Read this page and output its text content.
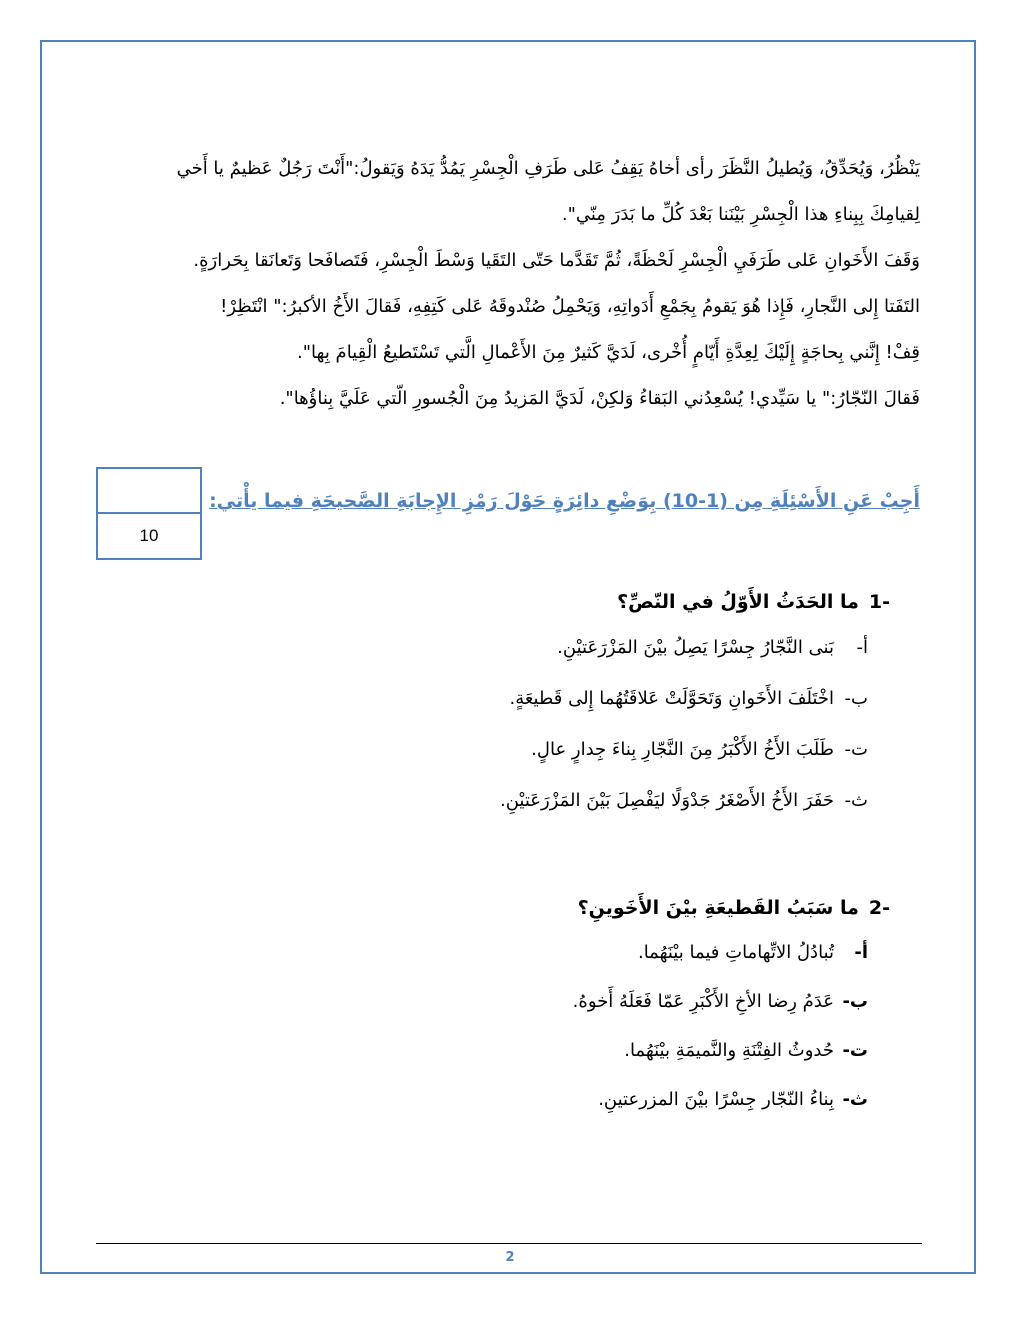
يَنْظُرُ، وَيُحَدِّقُ، وَيُطيلُ النَّظَرَ رأى أخاهُ يَقِفُ عَلى طَرَفِ الْجِسْرِ يَمُدُّ يَدَهُ وَيَقولُ:"أَنْتَ رَجُلٌ عَظيمٌ يا أَخي

لِقيامِكَ بِبِناءِ هذا الْجِسْرِ بَيْنَنا بَعْدَ كُلِّ ما بَدَرَ مِنّي".

وَقَفَ الأَخَوانِ عَلى طَرَفَيِ الْجِسْرِ لَحْظَةً، ثُمَّ تَقَدَّما حَتّى التَقَيا وَسْطَ الْجِسْرِ، فَتَصافَحا وَتَعانَقا بِحَرارَةٍ.

التَفَتا إِلى النَّجارِ، فَإِذا هُوَ يَقومُ بِجَمْعِ أَدَواتِهِ، وَيَحْمِلُ صُنْدوقَهُ عَلى كَتِفِهِ، فَقالَ الأَخُ الأكبرُ:" انْتَظِرْ!

قِفْ! إِنَّني بِحاجَةٍ إِلَيْكَ لِعِدَّةِ أَيّامٍ أُخْرى، لَدَيَّ كَثيرٌ مِنَ الأَعْمالِ الَّتي تَسْتَطيعُ الْقِيامَ بِها".

فَقالَ النّجّارُ:" يا سَيِّدي! يُسْعِدُني البَقاءُ وَلكِنْ، لَدَيَّ المَزيدُ مِنَ الْجُسورِ الّتي عَلَيَّ بِناؤُها".

10
أَجِبْ عَنِ الأَسْئِلَةِ مِن (1-10) بِوَضْعِ دائِرَةٍ حَوْلَ رَمْزِ الإِجابَةِ الصَّحيحَةِ فيما يأْتي:
-1ما الحَدَثُ الأَوّلُ في النّصِّ؟
أ-بَنى النَّجّارُ جِسْرًا يَصِلُ بيْنَ المَزْرَعَتيْنِ.
ب-اخْتَلَفَ الأَخَوانِ وَتَحَوَّلَتْ عَلاقَتُهُما إِلى قَطيعَةٍ.
ت-طَلَبَ الأَخُ الأَكْبَرُ مِنَ النَّجّارِ بِناءَ جِدارٍ عالٍ.
ث-حَفَرَ الأَخُ الأَصْغَرُ جَدْوَلًا ليَفْصِلَ بَيْنَ المَزْرَعَتيْنِ.
-2ما سَبَبُ القَطيعَةِ بيْنَ الأَخَوينِ؟
أ-تُبادُلُ الاتِّهاماتِ فيما بيْنَهُما.
ب-عَدَمُ رِضا الأخِ الأَكْبَرِ عَمّا فَعَلَهُ أَخوهُ.
ت-حُدوثُ الفِتْنَةِ والنَّميمَةِ بيْنَهُما.
ث-بِناءُ النّجّار جِسْرًا بيْنَ المزرعتينِ.
2
